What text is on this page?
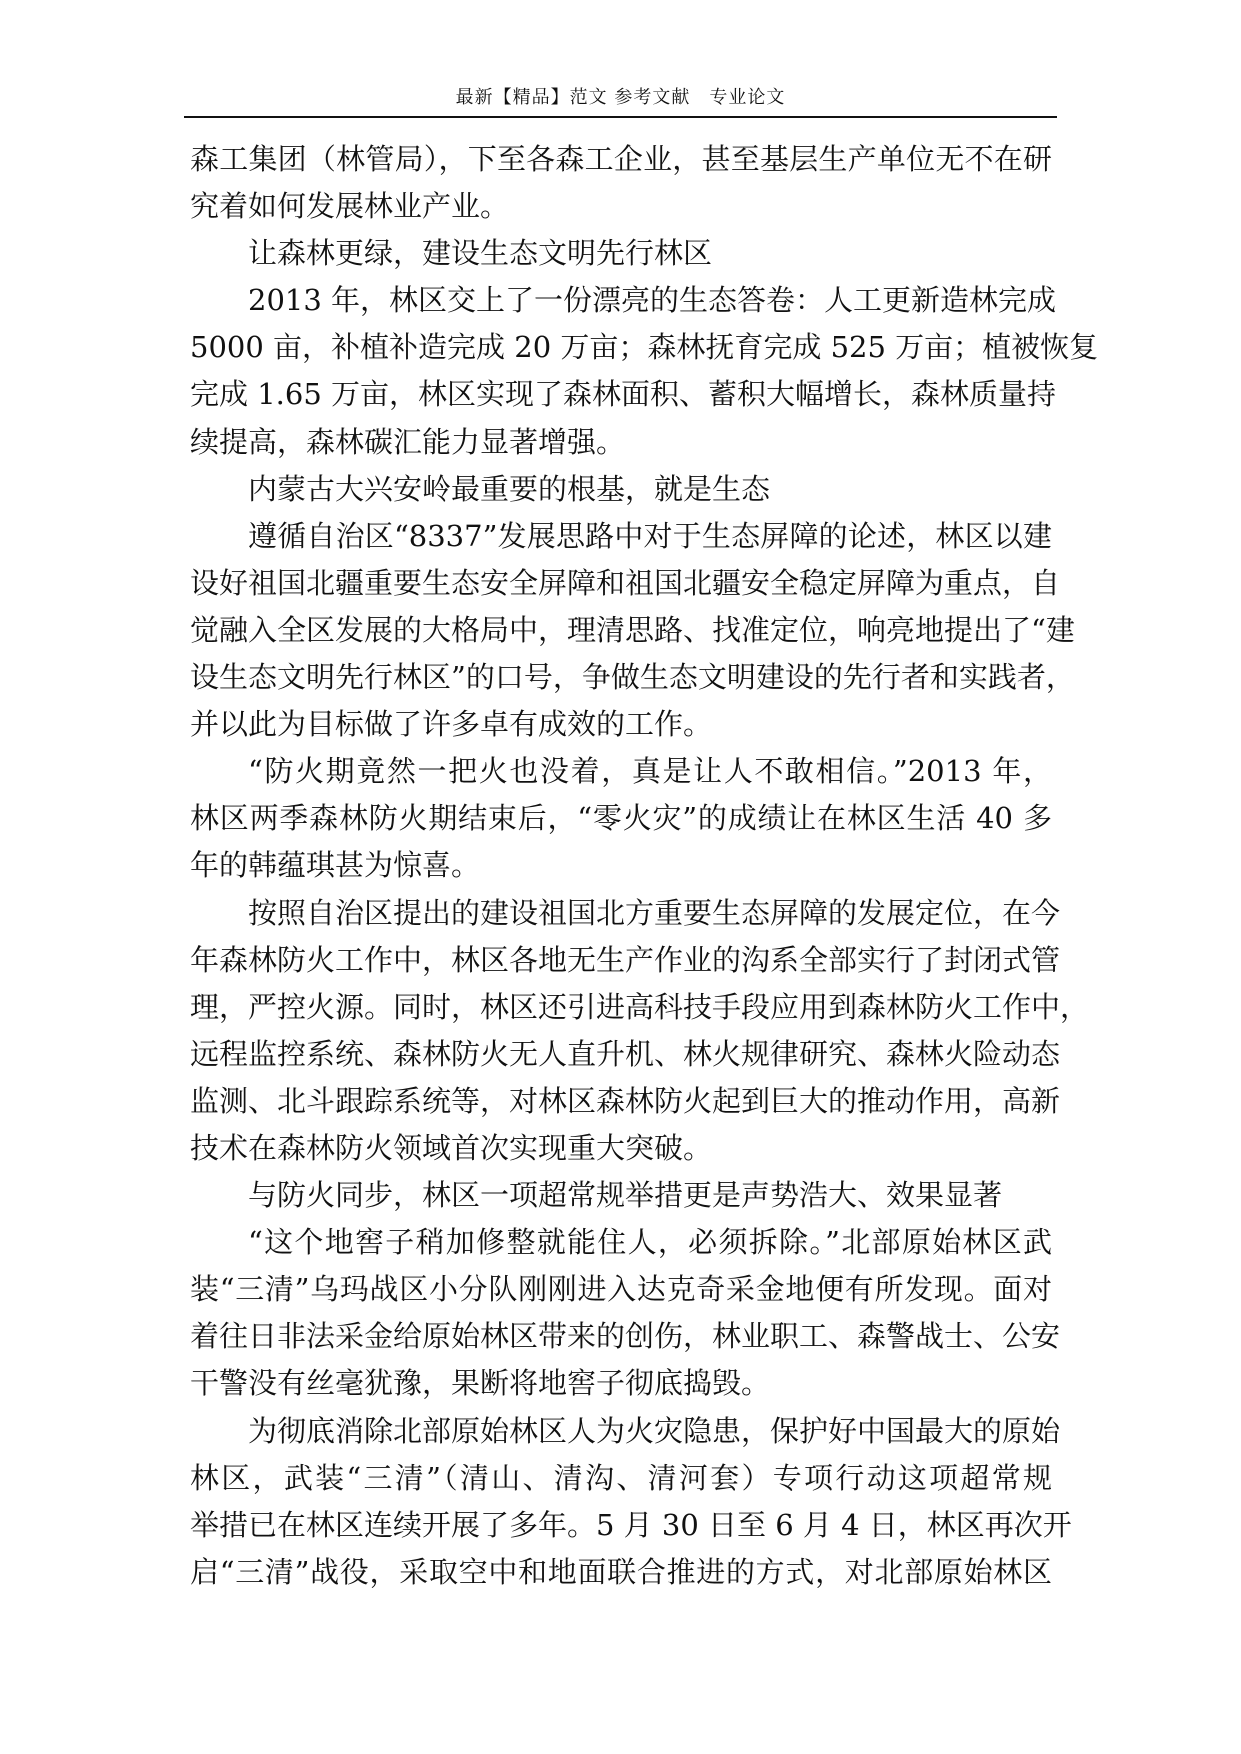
最新【精品】范文 参考文献　专业论文
森工集团（林管局），下至各森工企业，甚至基层生产单位无不在研
究着如何发展林业产业。
让森林更绿，建设生态文明先行林区
2013 年，林区交上了一份漂亮的生态答卷：人工更新造林完成
5000 亩，补植补造完成 20 万亩；森林抚育完成 525 万亩；植被恢复
完成 1.65 万亩，林区实现了森林面积、蓄积大幅增长，森林质量持
续提高，森林碳汇能力显著增强。
内蒙古大兴安岭最重要的根基，就是生态
遵循自治区“8337”发展思路中对于生态屏障的论述，林区以建
设好祖国北疆重要生态安全屏障和祖国北疆安全稳定屏障为重点，自
觉融入全区发展的大格局中，理清思路、找准定位，响亮地提出了“建
设生态文明先行林区”的口号，争做生态文明建设的先行者和实践者，
并以此为目标做了许多卓有成效的工作。
“防火期竟然一把火也没着，真是让人不敢相信。”2013 年，
林区两季森林防火期结束后，“零火灾”的成绩让在林区生活 40 多
年的韩蕴琪甚为惊喜。
按照自治区提出的建设祖国北方重要生态屏障的发展定位，在今
年森林防火工作中，林区各地无生产作业的沟系全部实行了封闭式管
理，严控火源。同时，林区还引进高科技手段应用到森林防火工作中，
远程监控系统、森林防火无人直升机、林火规律研究、森林火险动态
监测、北斗跟踪系统等，对林区森林防火起到巨大的推动作用，高新
技术在森林防火领域首次实现重大突破。
与防火同步，林区一项超常规举措更是声势浩大、效果显著
“这个地窖子稍加修整就能住人，必须拆除。”北部原始林区武
装“三清”乌玛战区小分队刚刚进入达克奇采金地便有所发现。面对
着往日非法采金给原始林区带来的创伤，林业职工、森警战士、公安
干警没有丝毫犹豫，果断将地窖子彻底捣毁。
为彻底消除北部原始林区人为火灾隐患，保护好中国最大的原始
林区，武装“三清”（清山、清沟、清河套）专项行动这项超常规
举措已在林区连续开展了多年。5 月 30 日至 6 月 4 日，林区再次开
启“三清”战役，采取空中和地面联合推进的方式，对北部原始林区
